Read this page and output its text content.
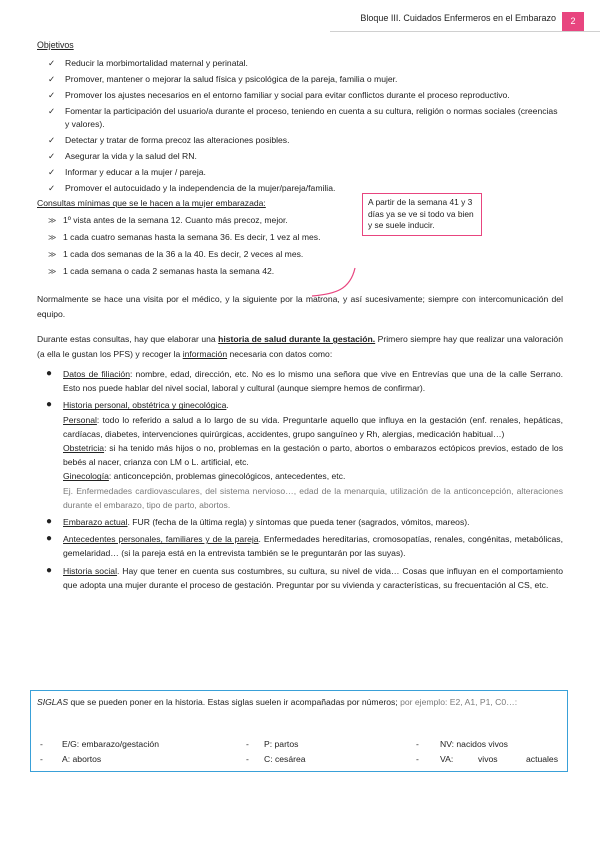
Bloque III. Cuidados Enfermeros en el Embarazo	2

Objetivos

✓ Reducir la morbimortalidad maternal y perinatal.
✓ Promover, mantener o mejorar la salud física y psicológica de la pareja, familia o mujer.
✓ Promover los ajustes necesarios en el entorno familiar y social para evitar conflictos durante el proceso reproductivo.
✓ Fomentar la participación del usuario/a durante el proceso, teniendo en cuenta a su cultura, religión o normas sociales (creencias y valores).
✓ Detectar y tratar de forma precoz las alteraciones posibles.
✓ Asegurar la vida y la salud del RN.
✓ Informar y educar a la mujer / pareja.
✓ Promover el autocuidado y la independencia de la mujer/pareja/familia.
Consultas mínimas que se le hacen a la mujer embarazada:
≫ 1º vista antes de la semana 12. Cuanto más precoz, mejor.
≫ 1 cada cuatro semanas hasta la semana 36. Es decir, 1 vez al mes.
≫ 1 cada dos semanas de la 36 a la 40. Es decir, 2 veces al mes.
≫ 1 cada semana o cada 2 semanas hasta la semana 42.

Normalmente se hace una visita por el médico, y la siguiente por la matrona, y así sucesivamente; siempre con intercomunicación del equipo.

Durante estas consultas, hay que elaborar una historia de salud durante la gestación. Primero siempre hay que realizar una valoración (a ella le gustan los PFS) y recoger la información necesaria con datos como:

● Datos de filiación: nombre, edad, dirección, etc. No es lo mismo una señora que vive en Entrevías que una de la calle Serrano. Esto nos puede hablar del nivel social, laboral y cultural (aunque siempre hemos de confirmar).
● Historia personal, obstétrica y ginecológica.
Personal: todo lo referido a salud a lo largo de su vida. Preguntarle aquello que influya en la gestación (enf. renales, hepáticas, cardíacas, diabetes, intervenciones quirúrgicas, accidentes, grupo sanguíneo y Rh, alergias, medicación habitual…)
Obstetricia: si ha tenido más hijos o no, problemas en la gestación o parto, abortos o embarazos ectópicos previos, estado de los bebés al nacer, crianza con LM o L. artificial, etc.
Ginecología: anticoncepción, problemas ginecológicos, antecedentes, etc.
Ej. Enfermedades cardiovasculares, del sistema nervioso…, edad de la menarquia, utilización de la anticoncepción, alteraciones durante el embarazo, tipo de parto, abortos.
● Embarazo actual. FUR (fecha de la última regla) y síntomas que pueda tener (sagrados, vómitos, mareos).
● Antecedentes personales, familiares y de la pareja. Enfermedades hereditarias, cromosopatías, renales, congénitas, metabólicas, gemelaridad… (si la pareja está en la entrevista también se le preguntarán por las suyas).
● Historia social. Hay que tener en cuenta sus costumbres, su cultura, su nivel de vida… Cosas que influyan en el comportamiento que adopta una mujer durante el proceso de gestación. Preguntar por su vivienda y características, su frecuentación al CS, etc.
A partir de la semana 41 y 3 días ya se ve si todo va bien y se suele inducir.
SIGLAS que se pueden poner en la historia. Estas siglas suelen ir acompañadas por números; por ejemplo: E2, A1, P1, C0…:
- E/G: embarazo/gestación	- P: partos	- NV: nacidos vivos
- A: abortos	- C: cesárea	- VA:	vivos	actuales
